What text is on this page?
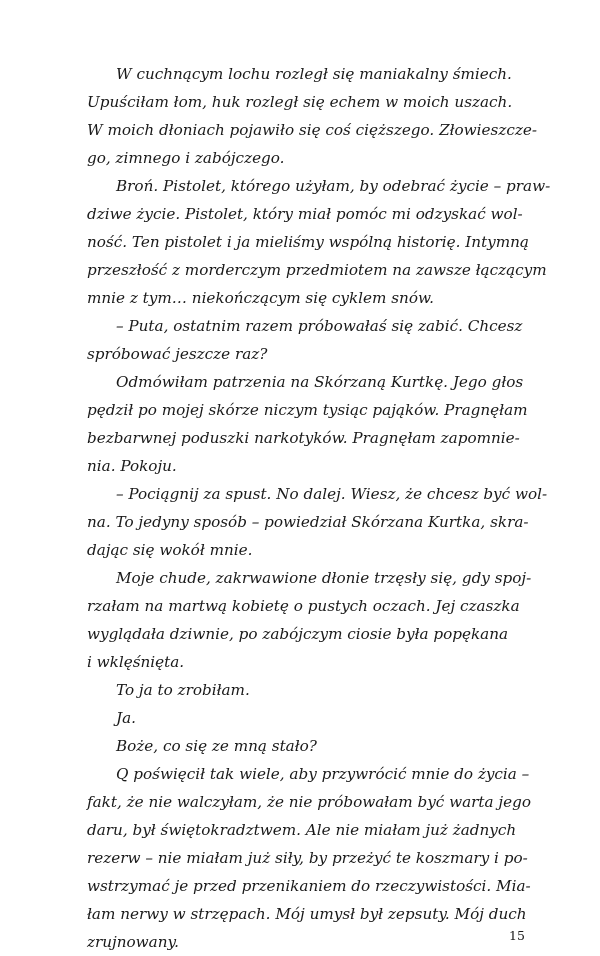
W cuchnącym lochu rozległ się maniakalny śmiech.
Upuściłam łom, huk rozległ się echem w moich uszach.
W moich dłoniach pojawiło się coś cięższego. Złowieszcze-
go, zimnego i zabójczego.
Broń. Pistolet, którego użyłam, by odebrać życie – praw-
dziwe życie. Pistolet, który miał pomóc mi odzyskać wol-
ność. Ten pistolet i ja mieliśmy wspólną historię. Intymną
przeszłość z morderczym przedmiotem na zawsze łączącym
mnie z tym… niekończącym się cyklem snów.
– Puta, ostatnim razem próbowałaś się zabić. Chcesz
spróbować jeszcze raz?
Odmówiłam patrzenia na Skórzaną Kurtkę. Jego głos
pędził po mojej skórze niczym tysiąc pająków. Pragnęłam
bezbarwnej poduszki narkotyków. Pragnęłam zapomnie-
nia. Pokoju.
– Pociągnij za spust. No dalej. Wiesz, że chcesz być wol-
na. To jedyny sposób – powiedział Skórzana Kurtka, skra-
dając się wokół mnie.
Moje chude, zakrwawione dłonie trzęsły się, gdy spoj-
rzałam na martwą kobietę o pustych oczach. Jej czaszka
wyglądała dziwnie, po zabójczym ciosie była popękana
i wklęśnięta.
To ja to zrobiłam.
Ja.
Boże, co się ze mną stało?
Q poświęcił tak wiele, aby przywrócić mnie do życia –
fakt, że nie walczyłam, że nie próbowałam być warta jego
daru, był świętokradztwem. Ale nie miałam już żadnych
rezerw – nie miałam już siły, by przeżyć te koszmary i po-
wstrzymać je przed przenikaniem do rzeczywistości. Mia-
łam nerwy w strzępach. Mój umysł był zepsuty. Mój duch
zrujnowany.	15
